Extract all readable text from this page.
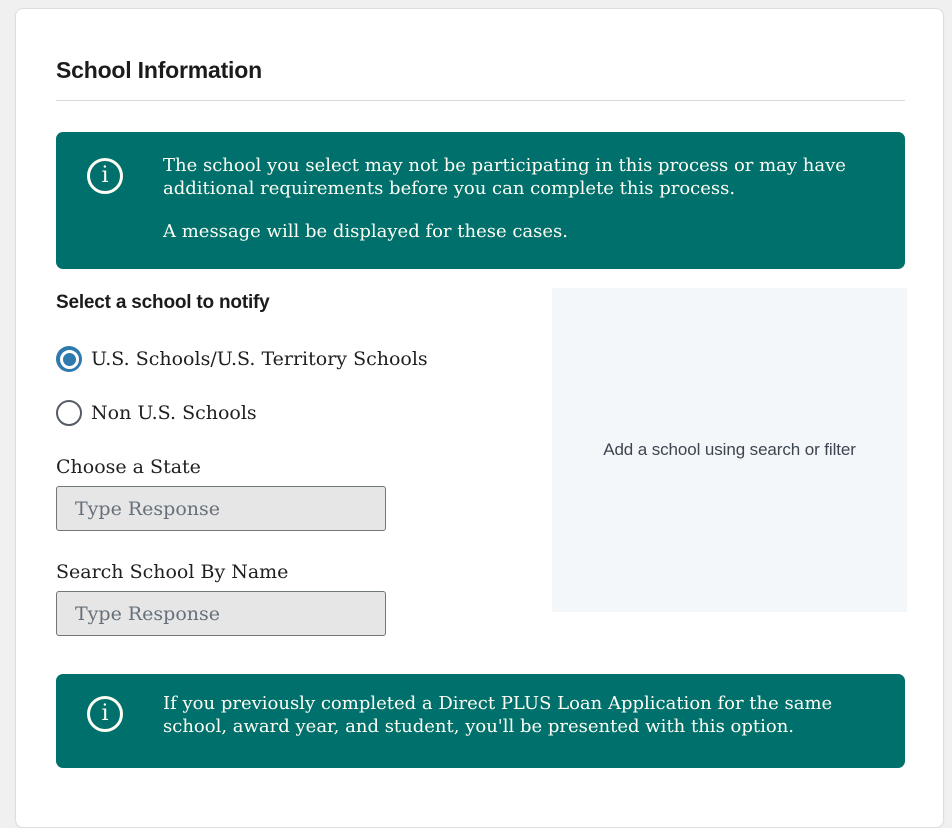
School Information
i	The school you select may not be participating in this process or may have additional requirements before you can complete this process.

A message will be displayed for these cases.

Select a school to notify
U.S. Schools/U.S. Territory Schools
Non U.S. Schools
Choose a State
Type Response
Search School By Name
Type Response
Add a school using search or filter
i	If you previously completed a Direct PLUS Loan Application for the same school, award year, and student, you'll be presented with this option.
